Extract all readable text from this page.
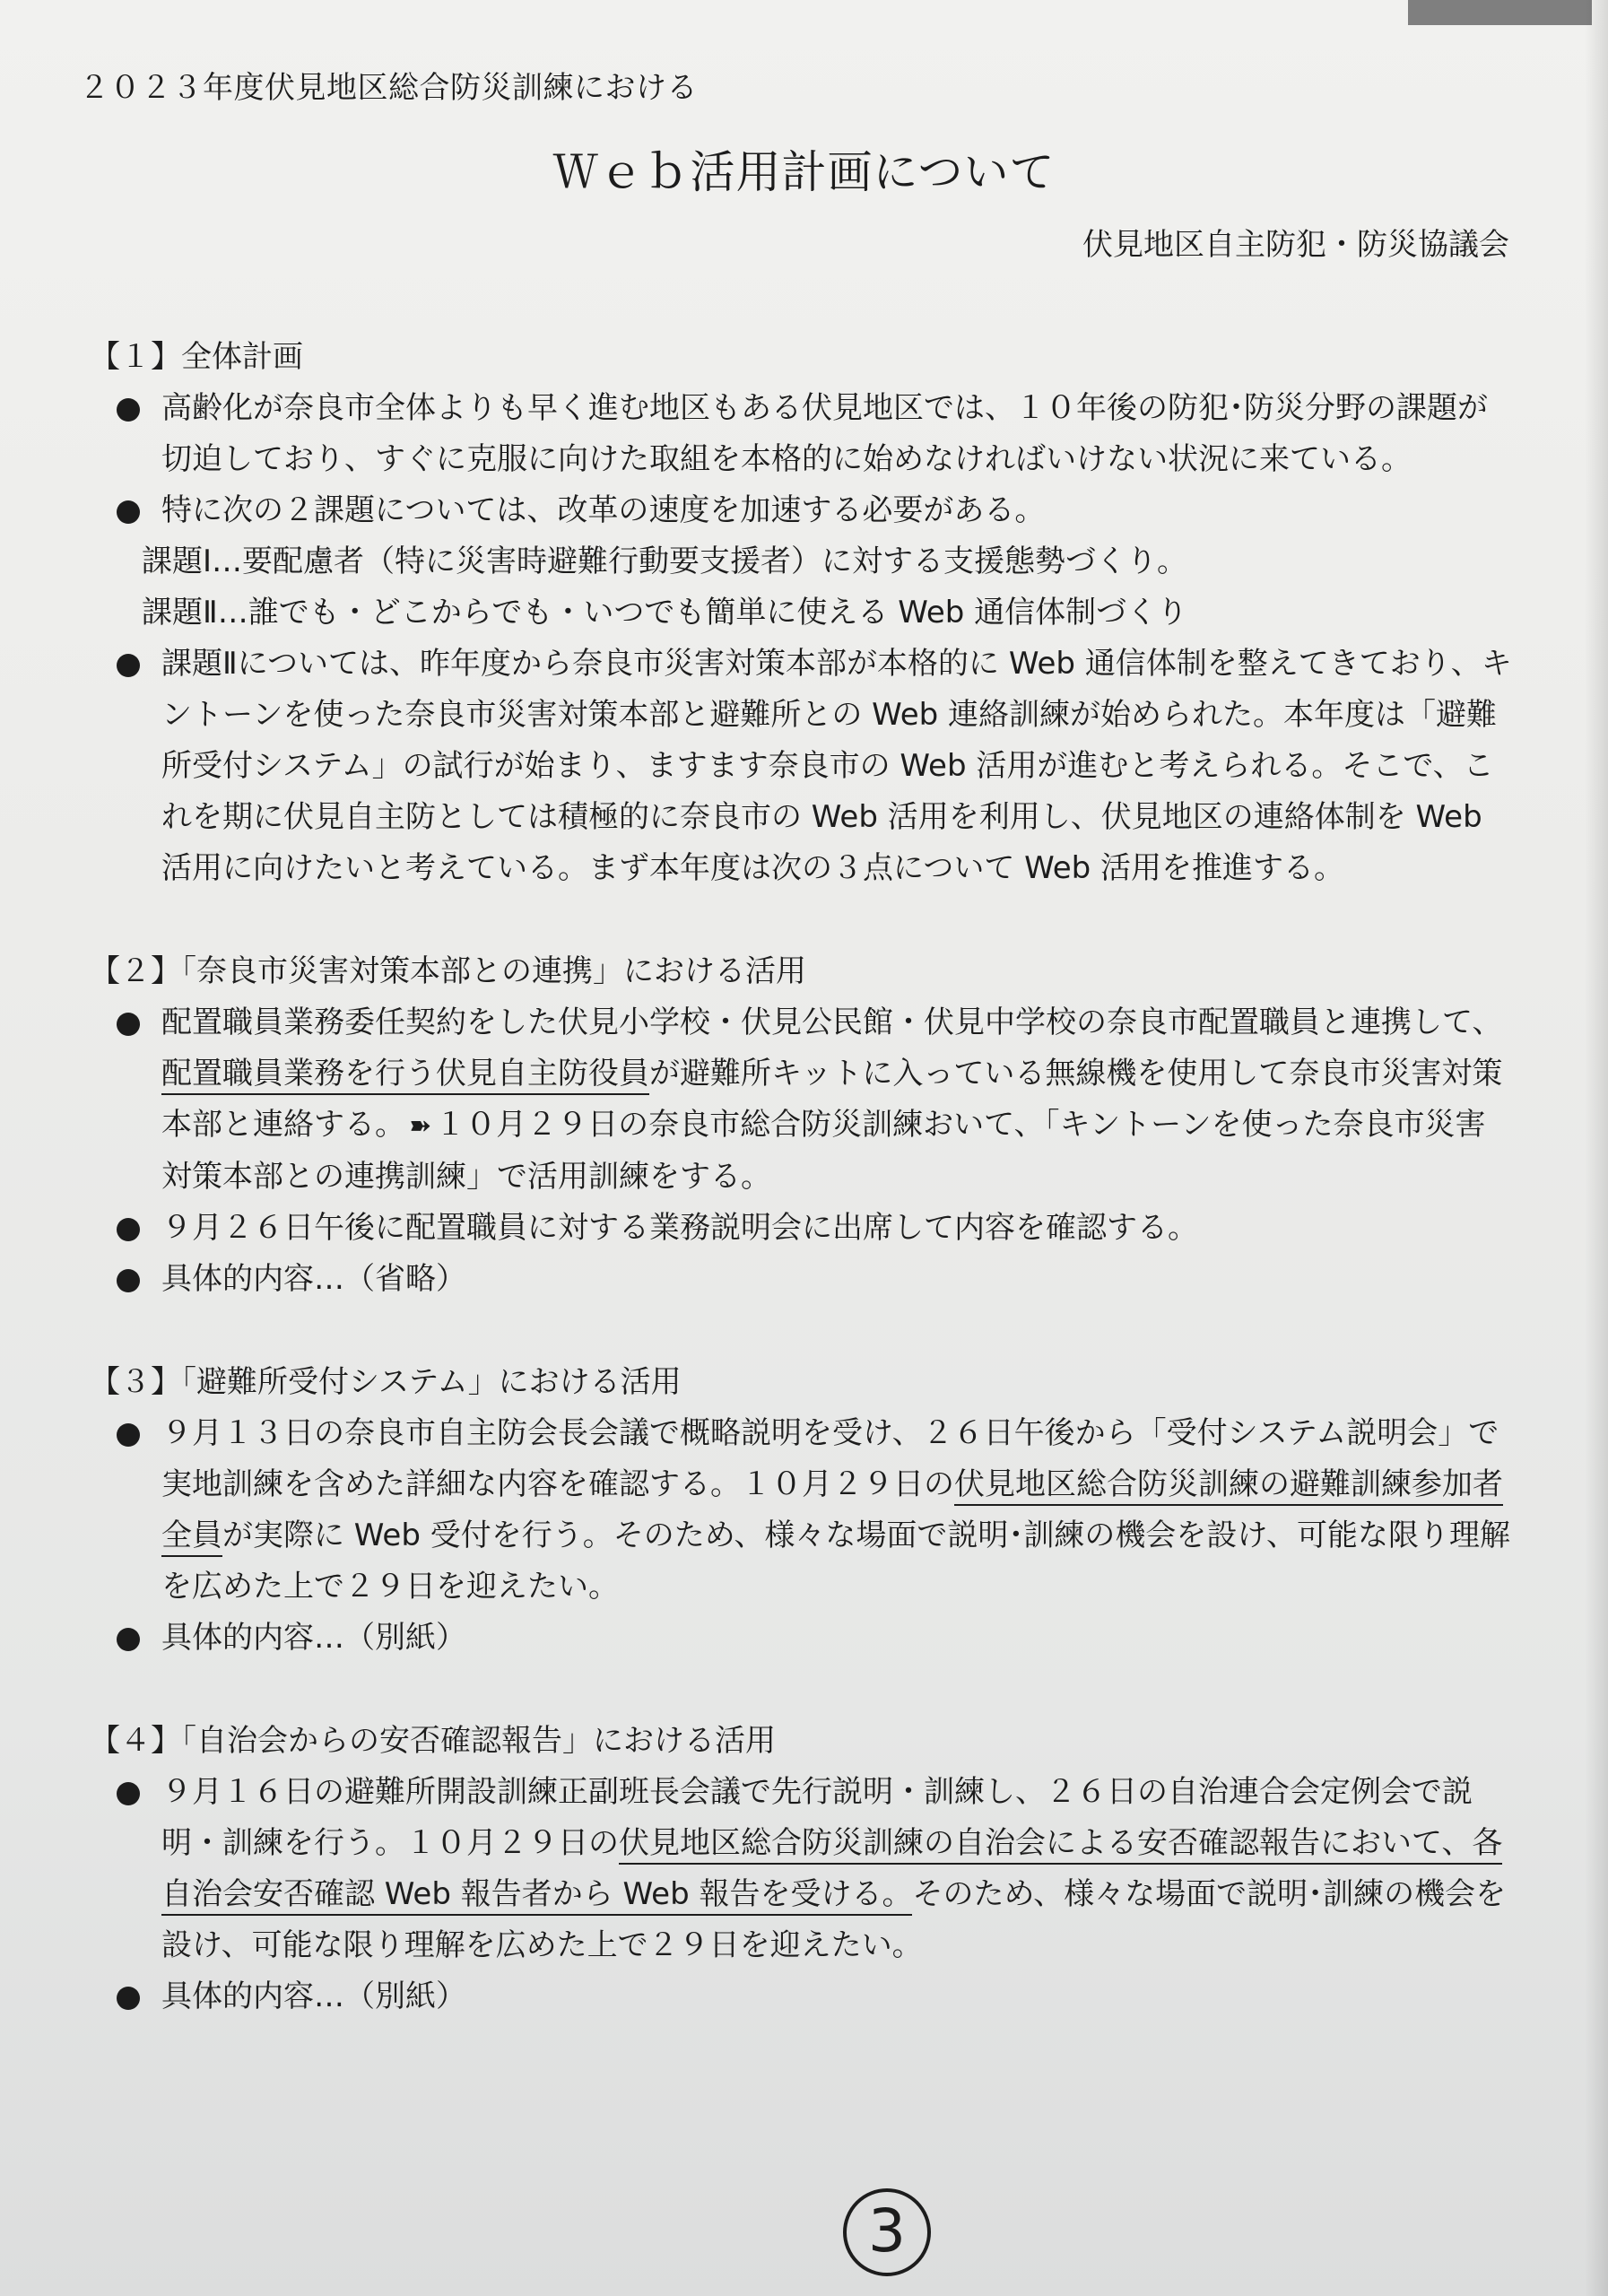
２０２３年度伏見地区総合防災訓練における
Ｗｅｂ活用計画について
伏見地区自主防犯・防災協議会

【１】全体計画

高齢化が奈良市全体よりも早く進む地区もある伏見地区では、１０年後の防犯･防災分野の課題が切迫しており、すぐに克服に向けた取組を本格的に始めなければいけない状況に来ている。

特に次の２課題については、改革の速度を加速する必要がある。

課題Ⅰ…要配慮者（特に災害時避難行動要支援者）に対する支援態勢づくり。

課題Ⅱ…誰でも・どこからでも・いつでも簡単に使える Web 通信体制づくり

課題Ⅱについては、昨年度から奈良市災害対策本部が本格的に Web 通信体制を整えてきており、キントーンを使った奈良市災害対策本部と避難所との Web 連絡訓練が始められた。本年度は「避難所受付システム」の試行が始まり、ますます奈良市の Web 活用が進むと考えられる。そこで、これを期に伏見自主防としては積極的に奈良市の Web 活用を利用し、伏見地区の連絡体制を Web 活用に向けたいと考えている。まず本年度は次の３点について Web 活用を推進する。

【２】「奈良市災害対策本部との連携」における活用

配置職員業務委任契約をした伏見小学校・伏見公民館・伏見中学校の奈良市配置職員と連携して、配置職員業務を行う伏見自主防役員が避難所キットに入っている無線機を使用して奈良市災害対策本部と連絡する。 ➽ １０月２９日の奈良市総合防災訓練おいて、「キントーンを使った奈良市災害対策本部との連携訓練」で活用訓練をする。

９月２６日午後に配置職員に対する業務説明会に出席して内容を確認する。

具体的内容…（省略）

【３】「避難所受付システム」における活用

９月１３日の奈良市自主防会長会議で概略説明を受け、２６日午後から「受付システム説明会」で実地訓練を含めた詳細な内容を確認する。１０月２９日の伏見地区総合防災訓練の避難訓練参加者全員が実際に Web 受付を行う。そのため、様々な場面で説明･訓練の機会を設け、可能な限り理解を広めた上で２９日を迎えたい。

具体的内容…（別紙）

【４】「自治会からの安否確認報告」における活用

９月１６日の避難所開設訓練正副班長会議で先行説明・訓練し、２６日の自治連合会定例会で説明・訓練を行う。１０月２９日の伏見地区総合防災訓練の自治会による安否確認報告において、各自治会安否確認 Web 報告者から Web 報告を受ける。そのため、様々な場面で説明･訓練の機会を設け、可能な限り理解を広めた上で２９日を迎えたい。

具体的内容…（別紙）

3
